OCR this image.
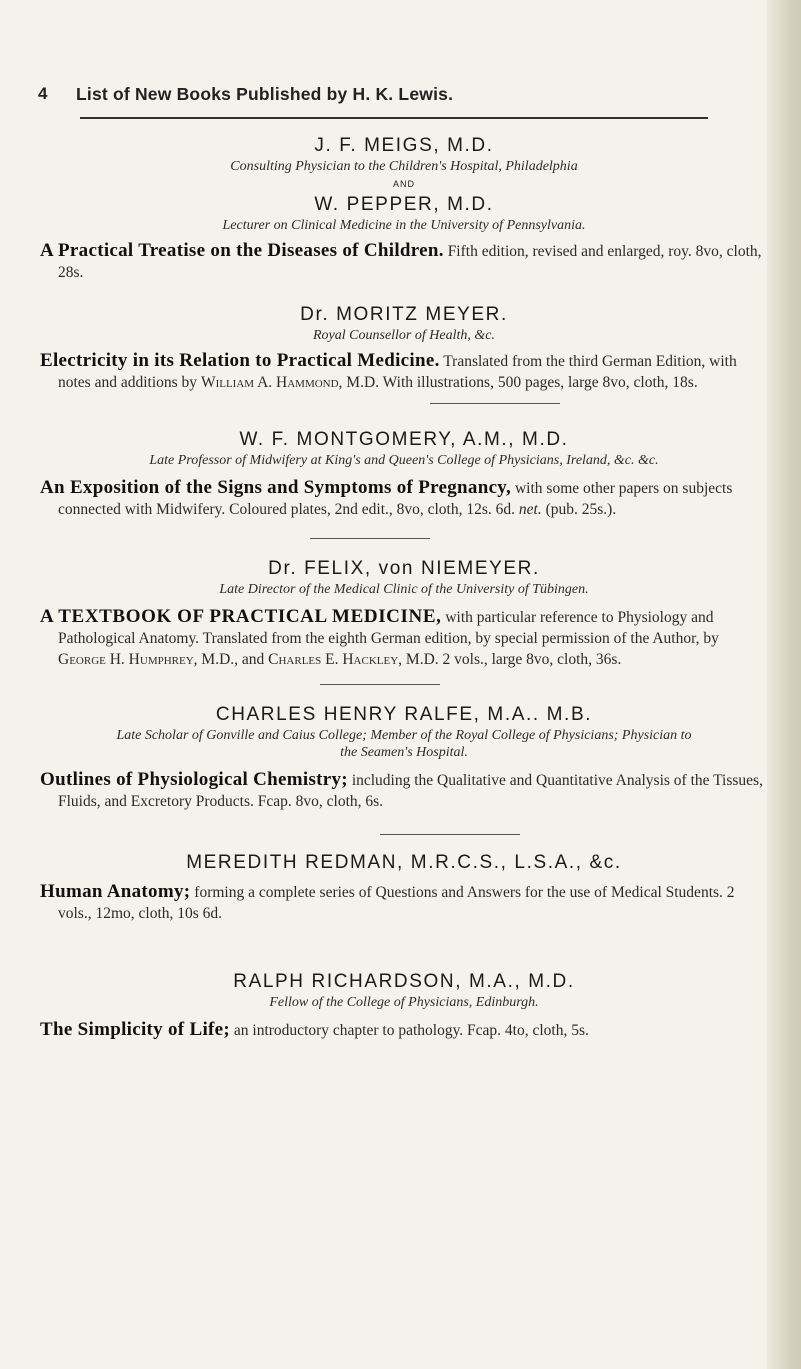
4 List of New Books Published by H. K. Lewis.
J. F. MEIGS, M.D.
Consulting Physician to the Children's Hospital, Philadelphia
AND
W. PEPPER, M.D.
Lecturer on Clinical Medicine in the University of Pennsylvania.

A Practical Treatise on the Diseases of Children. Fifth edition, revised and enlarged, roy. 8vo, cloth, 28s.

Dr. MORITZ MEYER.
Royal Counsellor of Health, &c.

Electricity in its Relation to Practical Medicine. Translated from the third German Edition, with notes and additions by William A. Hammond, M.D. With illustrations, 500 pages, large 8vo, cloth, 18s.

W. F. MONTGOMERY, A.M., M.D.
Late Professor of Midwifery at King's and Queen's College of Physicians, Ireland, &c. &c.

An Exposition of the Signs and Symptoms of Pregnancy, with some other papers on subjects connected with Midwifery. Coloured plates, 2nd edit., 8vo, cloth, 12s. 6d. net. (pub. 25s.).

Dr. FELIX, von NIEMEYER.
Late Director of the Medical Clinic of the University of Tübingen.

A TEXTBOOK OF PRACTICAL MEDICINE, with particular reference to Physiology and Pathological Anatomy. Translated from the eighth German edition, by special permission of the Author, by George H. Humphrey, M.D., and Charles E. Hackley, M.D. 2 vols., large 8vo, cloth, 36s.

CHARLES HENRY RALFE, M.A.. M.B.
Late Scholar of Gonville and Caius College; Member of the Royal College of Physicians; Physician to the Seamen's Hospital.

Outlines of Physiological Chemistry; including the Qualitative and Quantitative Analysis of the Tissues, Fluids, and Excretory Products. Fcap. 8vo, cloth, 6s.

MEREDITH REDMAN, M.R.C.S., L.S.A., &c.

Human Anatomy; forming a complete series of Questions and Answers for the use of Medical Students. 2 vols., 12mo, cloth, 10s 6d.

RALPH RICHARDSON, M.A., M.D.
Fellow of the College of Physicians, Edinburgh.

The Simplicity of Life; an introductory chapter to pathology. Fcap. 4to, cloth, 5s.
